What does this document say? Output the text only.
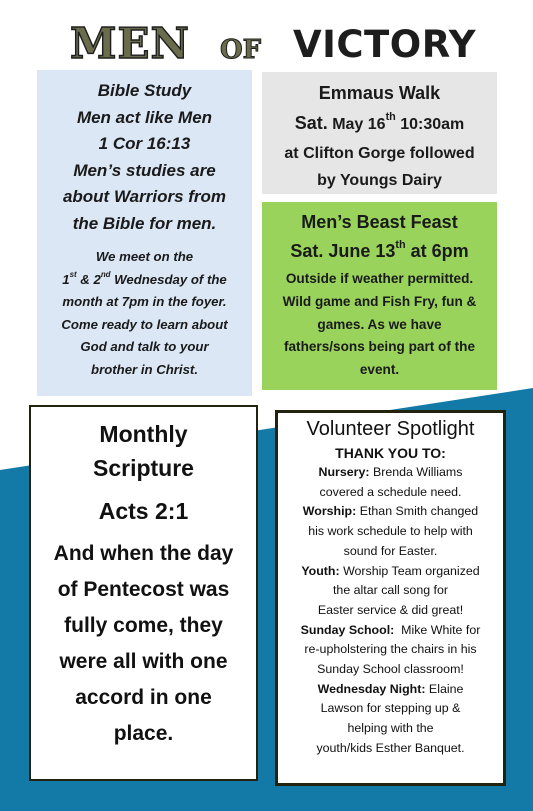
MEN OF VICTORY
Bible Study
Men act like Men
1 Cor 16:13
Men’s studies are
about Warriors from
the Bible for men.
We meet on the
1st & 2nd Wednesday of the
month at 7pm in the foyer.
Come ready to learn about
God and talk to your
brother in Christ.
Emmaus Walk
Sat. May 16th 10:30am
at Clifton Gorge followed
by Youngs Dairy
Men’s Beast Feast
Sat. June 13th at 6pm
Outside if weather permitted.
Wild game and Fish Fry, fun &
games. As we have
fathers/sons being part of the
event.
Monthly
Scripture
Acts 2:1
And when the day
of Pentecost was
fully come, they
were all with one
accord in one
place.
Volunteer Spotlight
THANK YOU TO:
Nursery: Brenda Williams
covered a schedule need.
Worship: Ethan Smith changed
his work schedule to help with
sound for Easter.
Youth: Worship Team organized
the altar call song for
Easter service & did great!
Sunday School:  Mike White for
re-upholstering the chairs in his
Sunday School classroom!
Wednesday Night: Elaine
Lawson for stepping up &
helping with the
youth/kids Esther Banquet.
